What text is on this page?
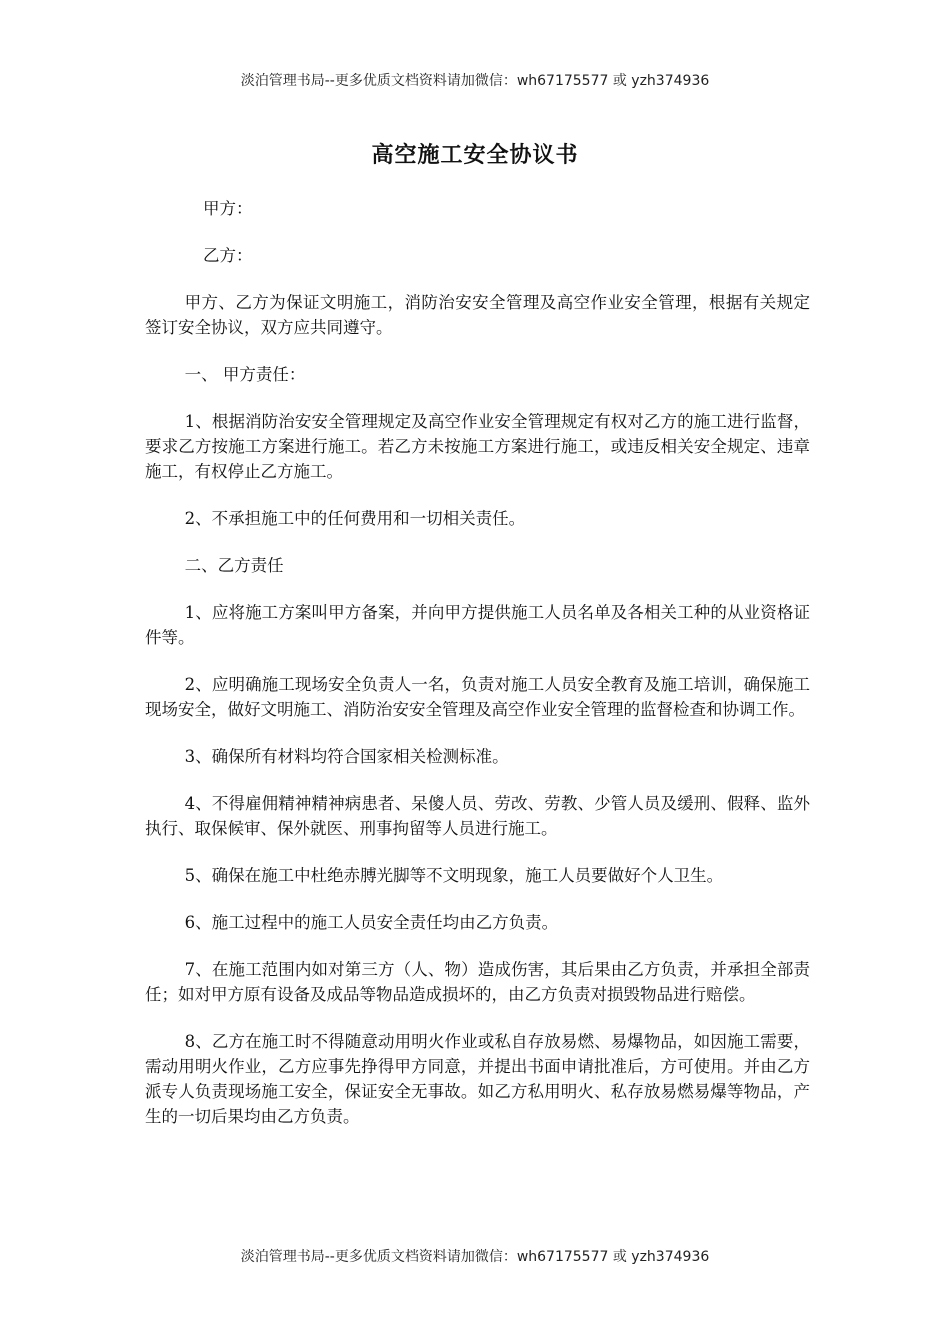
淡泊管理书局--更多优质文档资料请加微信：wh67175577 或 yzh374936
高空施工安全协议书

甲方：

乙方：

甲方、乙方为保证文明施工，消防治安安全管理及高空作业安全管理，根据有关规定签订安全协议，双方应共同遵守。

一、 甲方责任：

1、根据消防治安安全管理规定及高空作业安全管理规定有权对乙方的施工进行监督，要求乙方按施工方案进行施工。若乙方未按施工方案进行施工，或违反相关安全规定、违章施工，有权停止乙方施工。

2、不承担施工中的任何费用和一切相关责任。

二、乙方责任

1、应将施工方案叫甲方备案，并向甲方提供施工人员名单及各相关工种的从业资格证件等。

2、应明确施工现场安全负责人一名，负责对施工人员安全教育及施工培训，确保施工现场安全，做好文明施工、消防治安安全管理及高空作业安全管理的监督检查和协调工作。

3、确保所有材料均符合国家相关检测标准。

4、不得雇佣精神精神病患者、呆傻人员、劳改、劳教、少管人员及缓刑、假释、监外执行、取保候审、保外就医、刑事拘留等人员进行施工。

5、确保在施工中杜绝赤膊光脚等不文明现象，施工人员要做好个人卫生。

6、施工过程中的施工人员安全责任均由乙方负责。

7、在施工范围内如对第三方（人、物）造成伤害，其后果由乙方负责，并承担全部责任；如对甲方原有设备及成品等物品造成损坏的，由乙方负责对损毁物品进行赔偿。

8、乙方在施工时不得随意动用明火作业或私自存放易燃、易爆物品，如因施工需要，需动用明火作业，乙方应事先挣得甲方同意，并提出书面申请批准后，方可使用。并由乙方派专人负责现场施工安全，保证安全无事故。如乙方私用明火、私存放易燃易爆等物品，产生的一切后果均由乙方负责。

淡泊管理书局--更多优质文档资料请加微信：wh67175577 或 yzh374936
